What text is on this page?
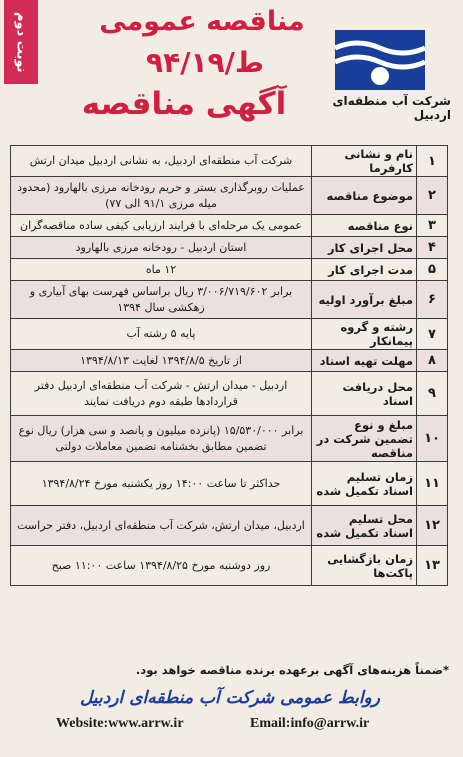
نوبت دوم	مناقصه عمومی
۹۴/ط/۱۹
آگهی مناقصه	شرکت آب منطقه‌ای اردبیل
۱	نام و نشانی کارفرما	شرکت آب منطقه‌ای اردبیل، به نشانی اردبیل میدان ارتش
۲	موضوع مناقصه	عملیات روبرگذاری بستر و حریم رودخانه مرزی بالهارود (محدود میله مرزی ۹۱/۱ الی ۷۷)
۳	نوع مناقصه	عمومی یک مرحله‌ای با فرایند ارزیابی کیفی ساده مناقصه‌گران
۴	محل اجرای کار	استان اردبیل - رودخانه مرزی بالهارود
۵	مدت اجرای کار	۱۲ ماه
۶	مبلغ برآورد اولیه	برابر ۳/۰۰۶/۷۱۹/۶۰۲ ریال براساس فهرست بهای آبیاری و زهکشی سال ۱۳۹۴
۷	رشته و گروه پیمانکار	پایه ۵ رشته آب
۸	مهلت تهیه اسناد	از تاریخ ۱۳۹۴/۸/۵ لغایت ۱۳۹۴/۸/۱۳
۹	محل دریافت اسناد	اردبیل - میدان ارتش - شرکت آب منطقه‌ای اردبیل دفتر قراردادها طبقه دوم دریافت نمایند
۱۰	مبلغ و نوع تضمین شرکت در مناقصه	برابر ۱۵/۵۳۰/۰۰۰ (پانزده میلیون و پانصد و سی هزار) ریال نوع تضمین مطابق بخشنامه تضمین معاملات دولتی
۱۱	زمان تسلیم اسناد تکمیل شده	حداکثر تا ساعت ۱۴:۰۰ روز یکشنبه مورخ ۱۳۹۴/۸/۲۴
۱۲	محل تسلیم اسناد تکمیل شده	اردبیل، میدان ارتش، شرکت آب منطقه‌ای اردبیل، دفتر حراست
۱۳	زمان بازگشایی پاکت‌ها	روز دوشنبه مورخ ۱۳۹۴/۸/۲۵ ساعت ۱۱:۰۰ صبح
*ضمناً هزینه‌های آگهی برعهده برنده مناقصه خواهد بود.
روابط عمومی شرکت آب منطقه‌ای اردبیل
Website:www.arrw.ir	Email:info@arrw.ir
